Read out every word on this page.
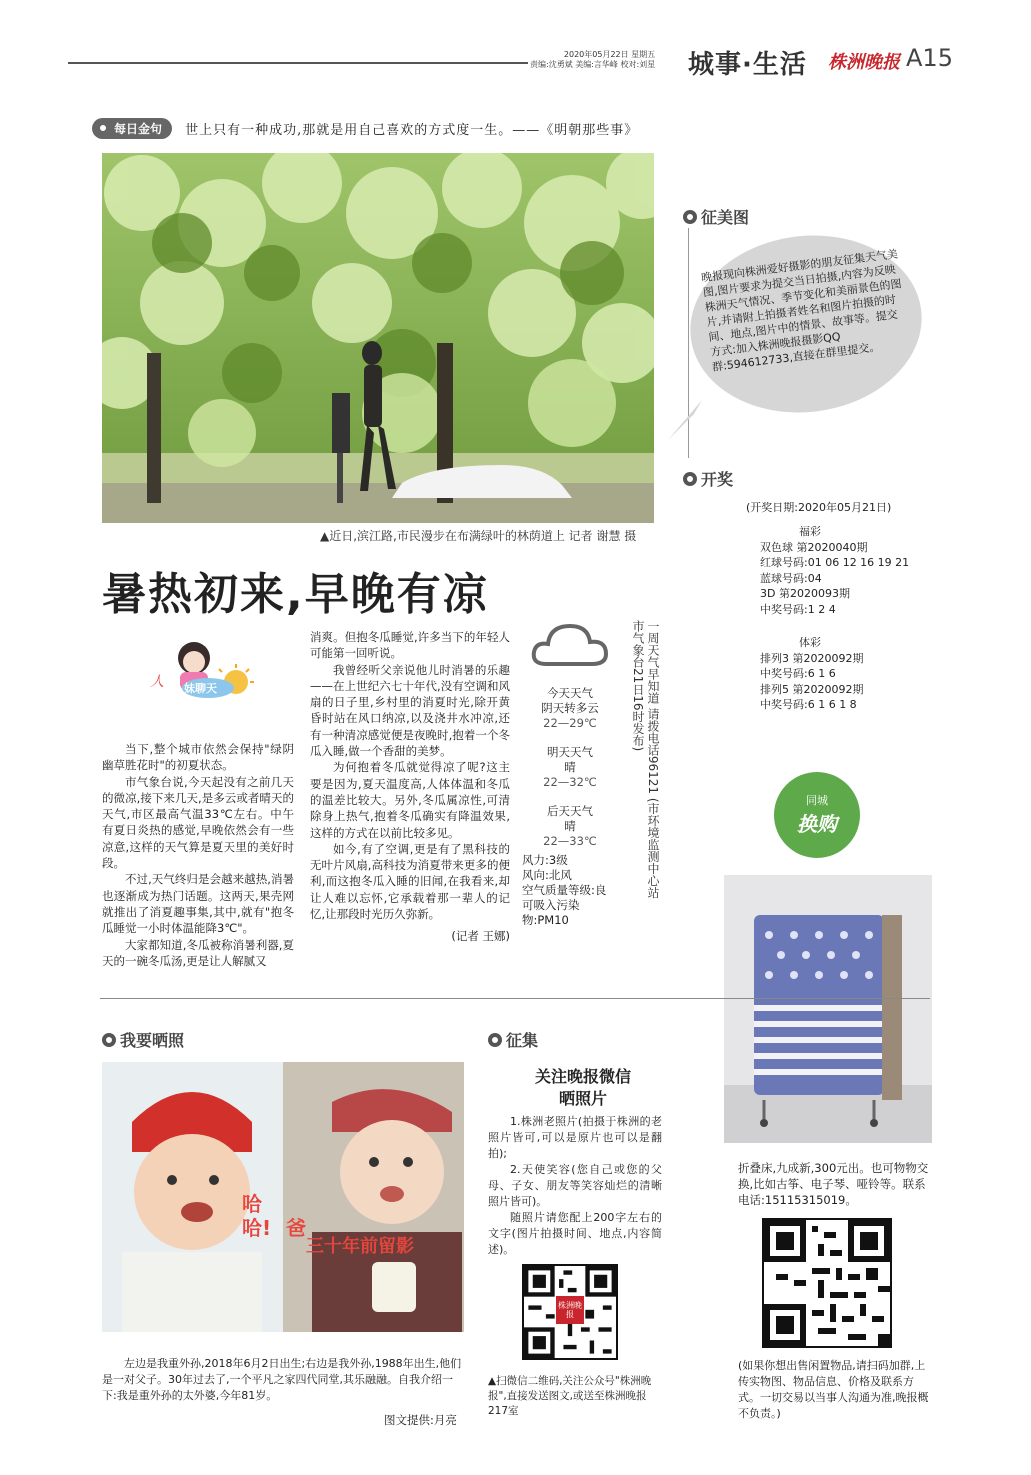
2020年05月22日 星期五
责编:沈勇斌 美编:言华峰 校对:刘星 城事·生活 株洲晚报 A15
每日金句 世上只有一种成功,那就是用自己喜欢的方式度一生。——《明朝那些事》
▲近日,滨江路,市民漫步在布满绿叶的林荫道上 记者 谢慧 摄
暑热初来,早晚有凉
人 妹聊天

当下,整个城市依然会保持"绿阴幽草胜花时"的初夏状态。

市气象台说,今天起没有之前几天的微凉,接下来几天,是多云或者晴天的天气,市区最高气温33℃左右。中午有夏日炎热的感觉,早晚依然会有一些凉意,这样的天气算是夏天里的美好时段。

不过,天气终归是会越来越热,消暑也逐渐成为热门话题。这两天,果壳网就推出了消夏趣事集,其中,就有"抱冬瓜睡觉一小时体温能降3℃"。

大家都知道,冬瓜被称消暑利器,夏天的一碗冬瓜汤,更是让人解腻又

消爽。但抱冬瓜睡觉,许多当下的年轻人可能第一回听说。

我曾经听父亲说他儿时消暑的乐趣——在上世纪六七十年代,没有空调和风扇的日子里,乡村里的消夏时光,除开黄昏时站在风口纳凉,以及浇井水冲凉,还有一种清凉感觉便是夜晚时,抱着一个冬瓜入睡,做一个香甜的美梦。

为何抱着冬瓜就觉得凉了呢?这主要是因为,夏天温度高,人体体温和冬瓜的温差比较大。另外,冬瓜属凉性,可清除身上热气,抱着冬瓜确实有降温效果,这样的方式在以前比较多见。

如今,有了空调,更是有了黑科技的无叶片风扇,高科技为消夏带来更多的便利,而这抱冬瓜入睡的旧闻,在我看来,却让人难以忘怀,它承载着那一辈人的记忆,让那段时光历久弥新。

(记者 王娜)
今天天气
阴天转多云
22—29℃
明天天气
晴
22—32℃
后天天气
晴
22—33℃
风力:3级
风向:北风
空气质量等级:良
可吸入污染物:PM10
一周天气早知道 请拨电话96121 (市环境监测中心站 市气象台21日16时发布)
征美图
晚报现向株洲爱好摄影的朋友征集天气美图,图片要求为提交当日拍摄,内容为反映株洲天气情况、季节变化和美丽景色的图片,并请附上拍摄者姓名和图片拍摄的时间、地点,图片中的情景、故事等。提交方式:加入株洲晚报摄影QQ群:594612733,直接在群里提交。
开奖
(开奖日期:2020年05月21日)
福彩
双色球 第2020040期
红球号码:01 06 12 16 19 21
蓝球号码:04
3D 第2020093期
中奖号码:1 2 4
体彩
排列3 第2020092期
中奖号码:6 1 6
排列5 第2020092期
中奖号码:6 1 6 1 8
同城
换购
折叠床,九成新,300元出。也可物物交换,比如古筝、电子琴、哑铃等。联系电话:15115315019。
(如果你想出售闲置物品,请扫码加群,上传实物图、物品信息、价格及联系方式。一切交易以当事人沟通为准,晚报概不负责。)
我要晒照
哈哈! 爸
三十年前留影
左边是我重外孙,2018年6月2日出生;右边是我外孙,1988年出生,他们是一对父子。30年过去了,一个平凡之家四代同堂,其乐融融。自我介绍一下:我是重外孙的太外婆,今年81岁。
图文提供:月亮
征集
关注晚报微信
晒照片

1.株洲老照片(拍摄于株洲的老照片皆可,可以是原片也可以是翻拍);

2.天使笑容(您自己或您的父母、子女、朋友等笑容灿烂的清晰照片皆可)。

随照片请您配上200字左右的文字(图片拍摄时间、地点,内容简述)。

株洲晚报
▲扫微信二维码,关注公众号"株洲晚报",直接发送图文,或送至株洲晚报217室
